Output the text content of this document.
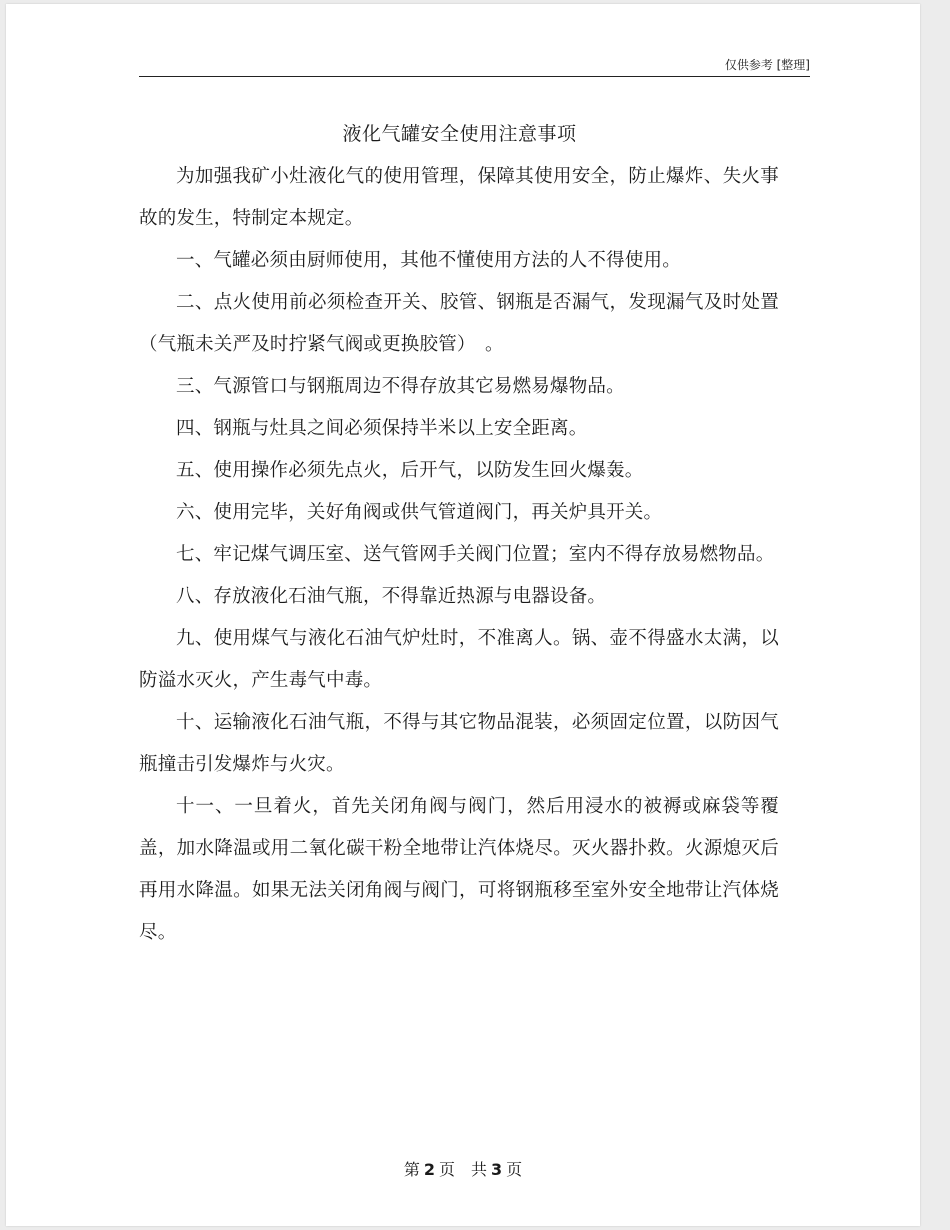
仅供参考 [整理]
液化气罐安全使用注意事项

为加强我矿小灶液化气的使用管理，保障其使用安全，防止爆炸、失火事故的发生，特制定本规定。

一、气罐必须由厨师使用，其他不懂使用方法的人不得使用。

二、点火使用前必须检查开关、胶管、钢瓶是否漏气，发现漏气及时处置（气瓶未关严及时拧紧气阀或更换胶管）　。

三、气源管口与钢瓶周边不得存放其它易燃易爆物品。

四、钢瓶与灶具之间必须保持半米以上安全距离。

五、使用操作必须先点火，后开气，以防发生回火爆轰。

六、使用完毕，关好角阀或供气管道阀门，再关炉具开关。

七、牢记煤气调压室、送气管网手关阀门位置；室内不得存放易燃物品。

八、存放液化石油气瓶，不得靠近热源与电器设备。

九、使用煤气与液化石油气炉灶时，不准离人。锅、壶不得盛水太满，以防溢水灭火，产生毒气中毒。

十、运输液化石油气瓶，不得与其它物品混装，必须固定位置，以防因气瓶撞击引发爆炸与火灾。

十一、一旦着火，首先关闭角阀与阀门，然后用浸水的被褥或麻袋等覆盖，加水降温或用二氧化碳干粉全地带让汽体烧尽。灭火器扑救。火源熄灭后再用水降温。如果无法关闭角阀与阀门，可将钢瓶移至室外安全地带让汽体烧尽。

第 2 页　共 3 页
